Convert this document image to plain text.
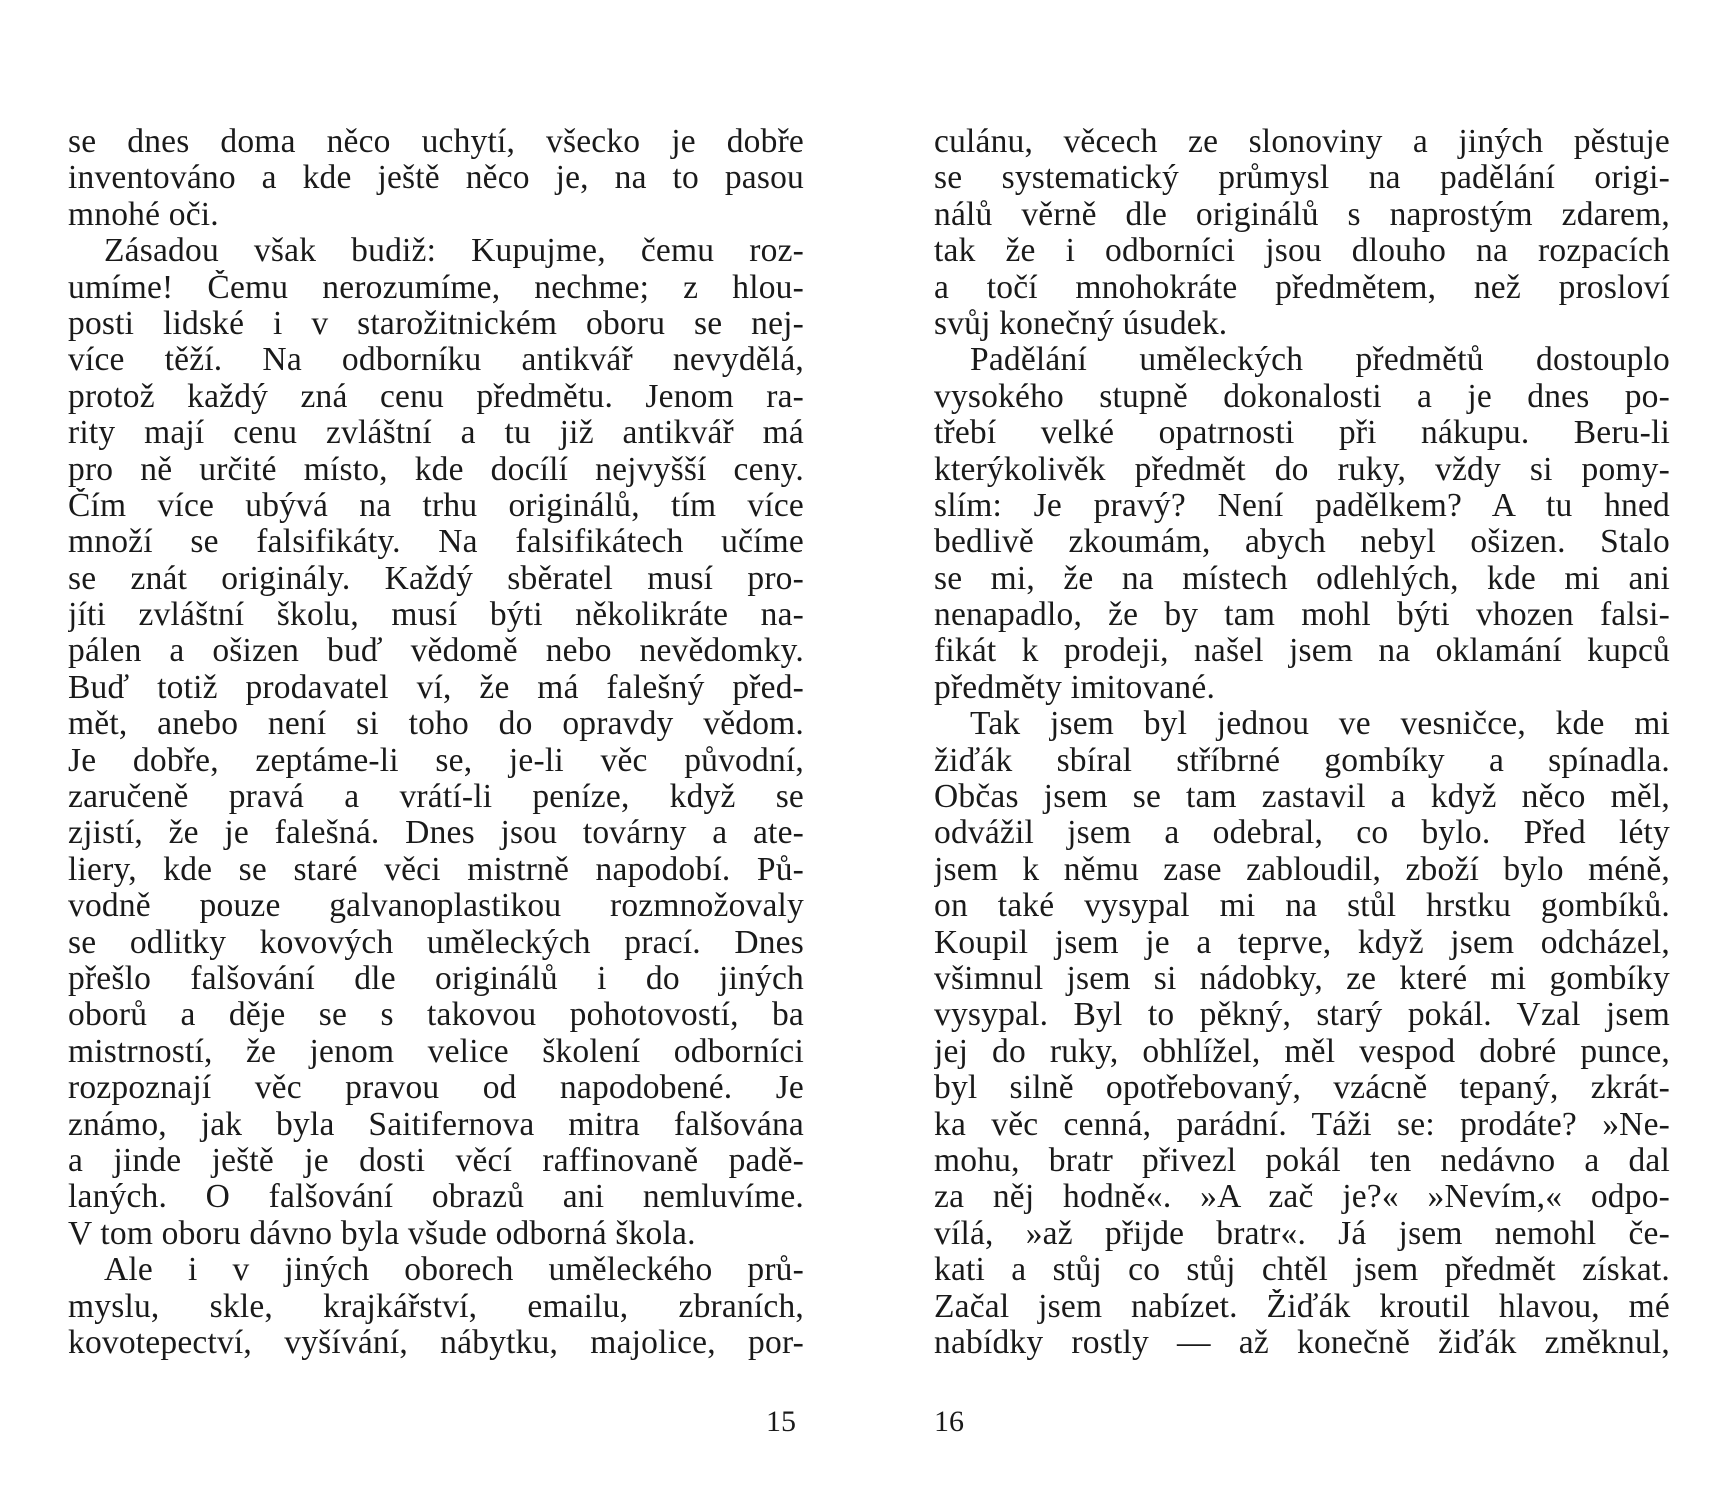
se dnes doma něco uchytí, všecko je dobře
inventováno a kde ještě něco je, na to pasou
mnohé oči.
Zásadou však budiž: Kupujme, čemu roz-
umíme! Čemu nerozumíme, nechme; z hlou-
posti lidské i v starožitnickém oboru se nej-
více těží. Na odborníku antikvář nevydělá,
protož každý zná cenu předmětu. Jenom ra-
rity mají cenu zvláštní a tu již antikvář má
pro ně určité místo, kde docílí nejvyšší ceny.
Čím více ubývá na trhu originálů, tím více
množí se falsifikáty. Na falsifikátech učíme
se znát originály. Každý sběratel musí pro-
jíti zvláštní školu, musí býti několikráte na-
pálen a ošizen buď vědomě nebo nevědomky.
Buď totiž prodavatel ví, že má falešný před-
mět, anebo není si toho do opravdy vědom.
Je dobře, zeptáme-li se, je-li věc původní,
zaručeně pravá a vrátí-li peníze, když se
zjistí, že je falešná. Dnes jsou továrny a ate-
liery, kde se staré věci mistrně napodobí. Pů-
vodně pouze galvanoplastikou rozmnožovaly
se odlitky kovových uměleckých prací. Dnes
přešlo falšování dle originálů i do jiných
oborů a děje se s takovou pohotovostí, ba
mistrností, že jenom velice školení odborníci
rozpoznají věc pravou od napodobené. Je
známo, jak byla Saitifernova mitra falšována
a jinde ještě je dosti věcí raffinovaně padě-
laných. O falšování obrazů ani nemluvíme.
V tom oboru dávno byla všude odborná škola.
Ale i v jiných oborech uměleckého prů-
myslu, skle, krajkářství, emailu, zbraních,
kovotepectví, vyšívání, nábytku, majolice, por-
15
culánu, věcech ze slonoviny a jiných pěstuje
se systematický průmysl na padělání origi-
nálů věrně dle originálů s naprostým zdarem,
tak že i odborníci jsou dlouho na rozpacích
a točí mnohokráte předmětem, než prosloví
svůj konečný úsudek.
Padělání uměleckých předmětů dostouplo
vysokého stupně dokonalosti a je dnes po-
třebí velké opatrnosti při nákupu. Beru-li
kterýkolivěk předmět do ruky, vždy si pomy-
slím: Je pravý? Není padělkem? A tu hned
bedlivě zkoumám, abych nebyl ošizen. Stalo
se mi, že na místech odlehlých, kde mi ani
nenapadlo, že by tam mohl býti vhozen falsi-
fikát k prodeji, našel jsem na oklamání kupců
předměty imitované.
Tak jsem byl jednou ve vesničce, kde mi
žiďák sbíral stříbrné gombíky a spínadla.
Občas jsem se tam zastavil a když něco měl,
odvážil jsem a odebral, co bylo. Před léty
jsem k němu zase zabloudil, zboží bylo méně,
on také vysypal mi na stůl hrstku gombíků.
Koupil jsem je a teprve, když jsem odcházel,
všimnul jsem si nádobky, ze které mi gombíky
vysypal. Byl to pěkný, starý pokál. Vzal jsem
jej do ruky, obhlížel, měl vespod dobré punce,
byl silně opotřebovaný, vzácně tepaný, zkrát-
ka věc cenná, parádní. Táži se: prodáte? »Ne-
mohu, bratr přivezl pokál ten nedávno a dal
za něj hodně«. »A zač je?« »Nevím,« odpo-
vílá, »až přijde bratr«. Já jsem nemohl če-
kati a stůj co stůj chtěl jsem předmět získat.
Začal jsem nabízet. Žiďák kroutil hlavou, mé
nabídky rostly — až konečně žiďák změknul,
16
